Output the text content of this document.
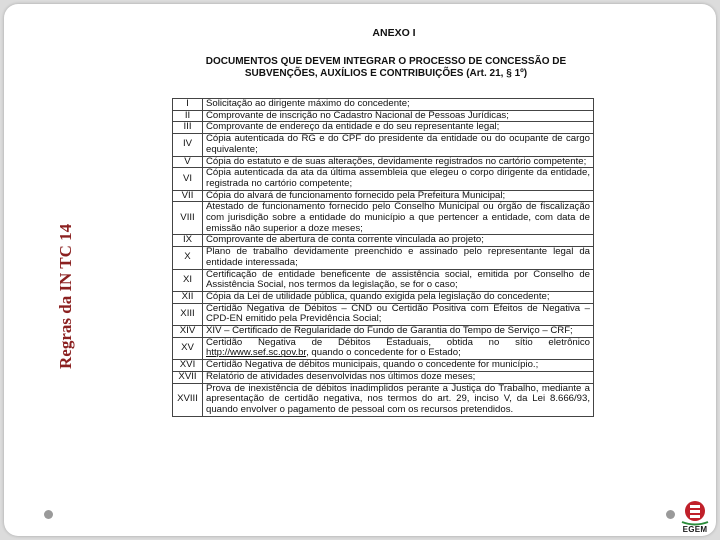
Regras da IN TC 14
ANEXO I
DOCUMENTOS QUE DEVEM INTEGRAR O PROCESSO DE CONCESSÃO DE
SUBVENÇÕES, AUXÍLIOS E CONTRIBUIÇÕES (Art. 21, § 1º)
I	Solicitação ao dirigente máximo do concedente;
II	Comprovante de inscrição no Cadastro Nacional de Pessoas Jurídicas;
III	Comprovante de endereço da entidade e do seu representante legal;
IV	Cópia autenticada do RG e do CPF do presidente da entidade ou do ocupante de cargo equivalente;
V	Cópia do estatuto e de suas alterações, devidamente registrados no cartório competente;
VI	Cópia autenticada da ata da última assembleia que elegeu o corpo dirigente da entidade, registrada no cartório competente;
VII	Cópia do alvará de funcionamento fornecido pela Prefeitura Municipal;
VIII	Atestado de funcionamento fornecido pelo Conselho Municipal ou órgão de fiscalização com jurisdição sobre a entidade do município a que pertencer a entidade, com data de emissão não superior a doze meses;
IX	Comprovante de abertura de conta corrente vinculada ao projeto;
X	Plano de trabalho devidamente preenchido e assinado pelo representante legal da entidade interessada;
XI	Certificação de entidade beneficente de assistência social, emitida por Conselho de Assistência Social, nos termos da legislação, se for o caso;
XII	Cópia da Lei de utilidade pública, quando exigida pela legislação do concedente;
XIII	Certidão Negativa de Débitos – CND ou Certidão Positiva com Efeitos de Negativa – CPD-EN emitido pela Previdência Social;
XIV	XIV – Certificado de Regularidade do Fundo de Garantia do Tempo de Serviço – CRF;
XV	Certidão Negativa de Débitos Estaduais, obtida no sítio eletrônico http://www.sef.sc.gov.br, quando o concedente for o Estado;
XVI	Certidão Negativa de débitos municipais, quando o concedente for município.;
XVII	Relatório de atividades desenvolvidas nos últimos doze meses;
XVIII	Prova de inexistência de débitos inadimplidos perante a Justiça do Trabalho, mediante a apresentação de certidão negativa, nos termos do art. 29, inciso V, da Lei 8.666/93, quando envolver o pagamento de pessoal com os recursos pretendidos.
EGEM
